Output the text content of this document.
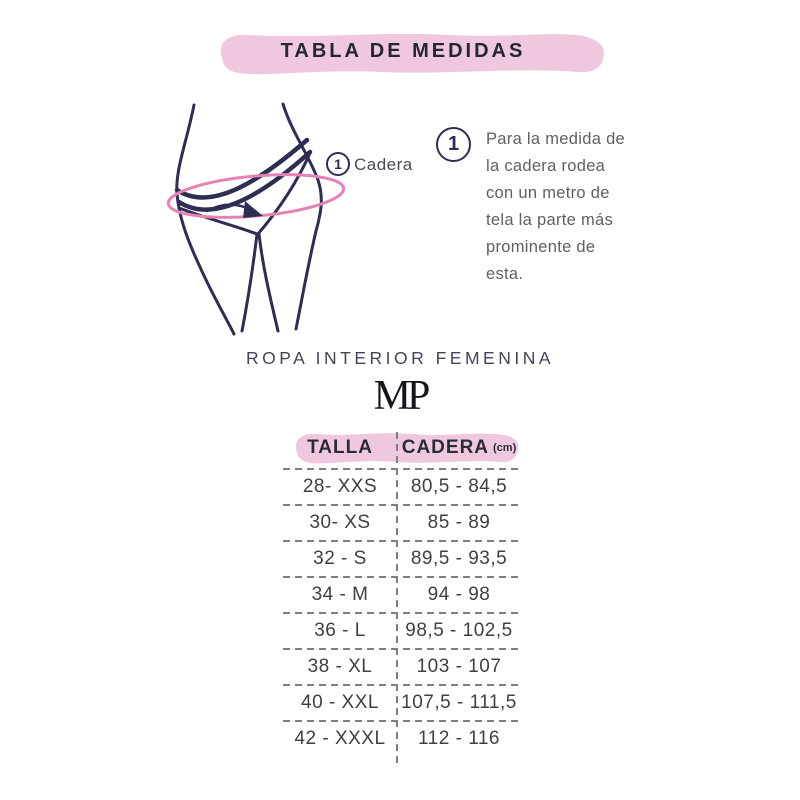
TABLA DE MEDIDAS
1 Cadera
1 Para la medida de
la cadera rodea
con un metro de
tela la parte más
prominente de
esta.
ROPA INTERIOR FEMENINA
MP
TALLA	CADERA (cm)
28- XXS	80,5 - 84,5
30- XS	85 - 89
32 - S	89,5 - 93,5
34 - M	94 - 98
36 - L	98,5 - 102,5
38 - XL	103 - 107
40 - XXL	107,5 - 111,5
42 - XXXL	112 - 116
